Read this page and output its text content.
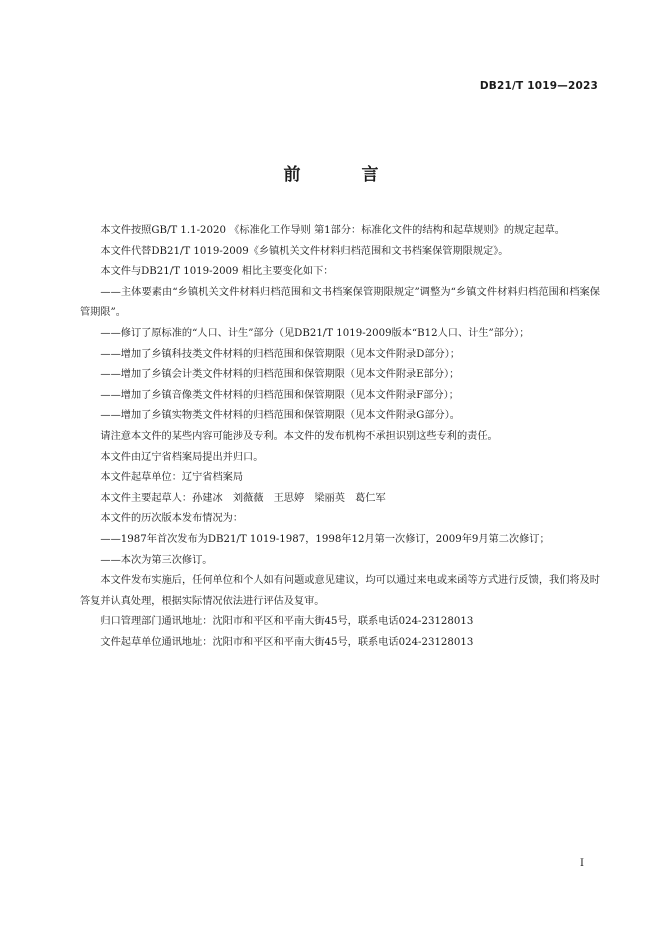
DB21/T 1019—2023
前　言

本文件按照GB/T 1.1-2020 《标准化工作导则 第1部分：标准化文件的结构和起草规则》的规定起草。

本文件代替DB21/T 1019-2009《乡镇机关文件材料归档范围和文书档案保管期限规定》。

本文件与DB21/T 1019-2009 相比主要变化如下：

——主体要素由“乡镇机关文件材料归档范围和文书档案保管期限规定”调整为“乡镇文件材料归档范围和档案保管期限”。

——修订了原标准的“人口、计生”部分（见DB21/T 1019-2009版本“B12人口、计生”部分）；

——增加了乡镇科技类文件材料的归档范围和保管期限（见本文件附录D部分）；

——增加了乡镇会计类文件材料的归档范围和保管期限（见本文件附录E部分）；

——增加了乡镇音像类文件材料的归档范围和保管期限（见本文件附录F部分）；

——增加了乡镇实物类文件材料的归档范围和保管期限（见本文件附录G部分）。

请注意本文件的某些内容可能涉及专利。本文件的发布机构不承担识别这些专利的责任。

本文件由辽宁省档案局提出并归口。

本文件起草单位：辽宁省档案局

本文件主要起草人：孙建冰　刘薇薇　王思婷　梁丽英　葛仁军

本文件的历次版本发布情况为：

——1987年首次发布为DB21/T 1019-1987，1998年12月第一次修订，2009年9月第二次修订；

——本次为第三次修订。

本文件发布实施后，任何单位和个人如有问题或意见建议，均可以通过来电或来函等方式进行反馈，我们将及时答复并认真处理，根据实际情况依法进行评估及复审。

归口管理部门通讯地址：沈阳市和平区和平南大街45号，联系电话024-23128013

文件起草单位通讯地址：沈阳市和平区和平南大街45号，联系电话024-23128013

I
